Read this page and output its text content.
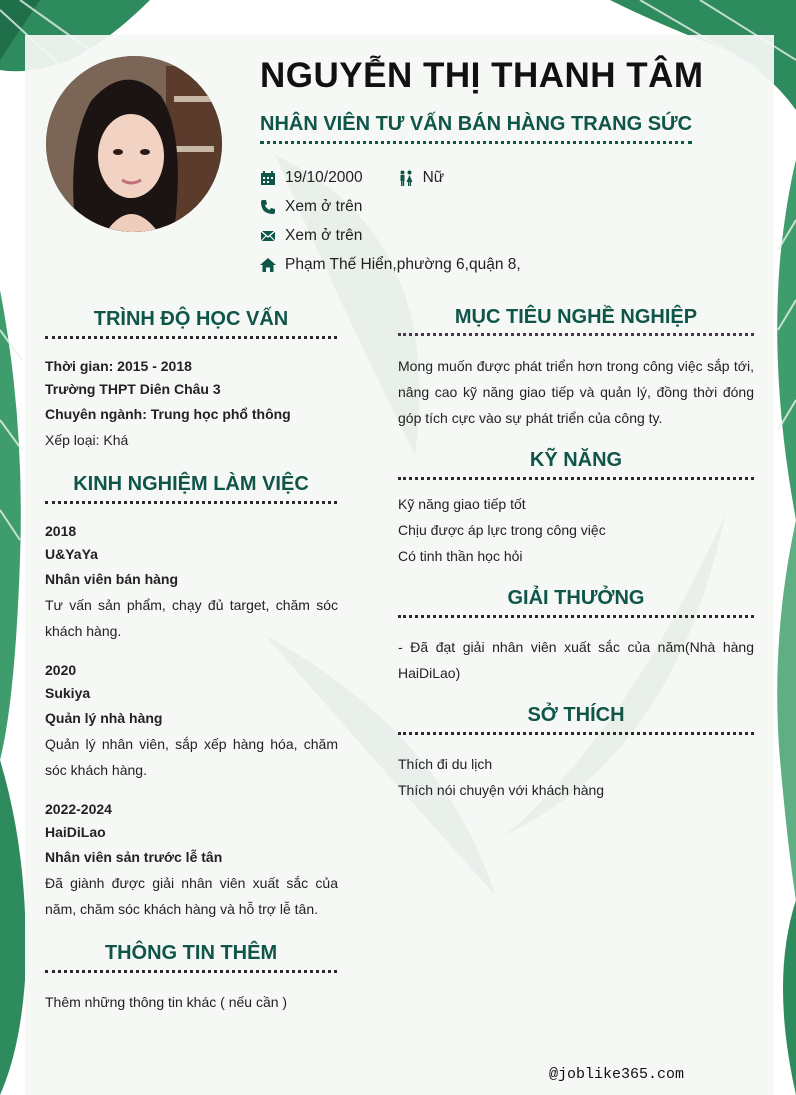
NGUYỄN THỊ THANH TÂM
NHÂN VIÊN TƯ VẤN BÁN HÀNG TRANG SỨC
19/10/2000	Nữ
Xem ở trên
Xem ở trên
Phạm Thế Hiển,phường 6,quận 8,
TRÌNH ĐỘ HỌC VẤN
Thời gian: 2015 - 2018
Trường THPT Diên Châu 3
Chuyên ngành: Trung học phổ thông
Xếp loại: Khá
KINH NGHIỆM LÀM VIỆC
2018
U&YaYa
Nhân viên bán hàng
Tư vấn sản phẩm, chạy đủ target, chăm sóc khách hàng.
2020
Sukiya
Quản lý nhà hàng
Quản lý nhân viên, sắp xếp hàng hóa, chăm sóc khách hàng.
2022-2024
HaiDiLao
Nhân viên sản trước lễ tân
Đã giành được giải nhân viên xuất sắc của năm, chăm sóc khách hàng và hỗ trợ lễ tân.
THÔNG TIN THÊM
Thêm những thông tin khác ( nếu cần )
MỤC TIÊU NGHỀ NGHIỆP
Mong muốn được phát triển hơn trong công việc sắp tới, nâng cao kỹ năng giao tiếp và quản lý, đồng thời đóng góp tích cực vào sự phát triển của công ty.
KỸ NĂNG
Kỹ năng giao tiếp tốt
Chịu được áp lực trong công việc
Có tinh thần học hỏi
GIẢI THƯỞNG
- Đã đạt giải nhân viên xuất sắc của năm(Nhà hàng HaiDiLao)
SỞ THÍCH
Thích đi du lịch
Thích nói chuyện với khách hàng
@joblike365.com
